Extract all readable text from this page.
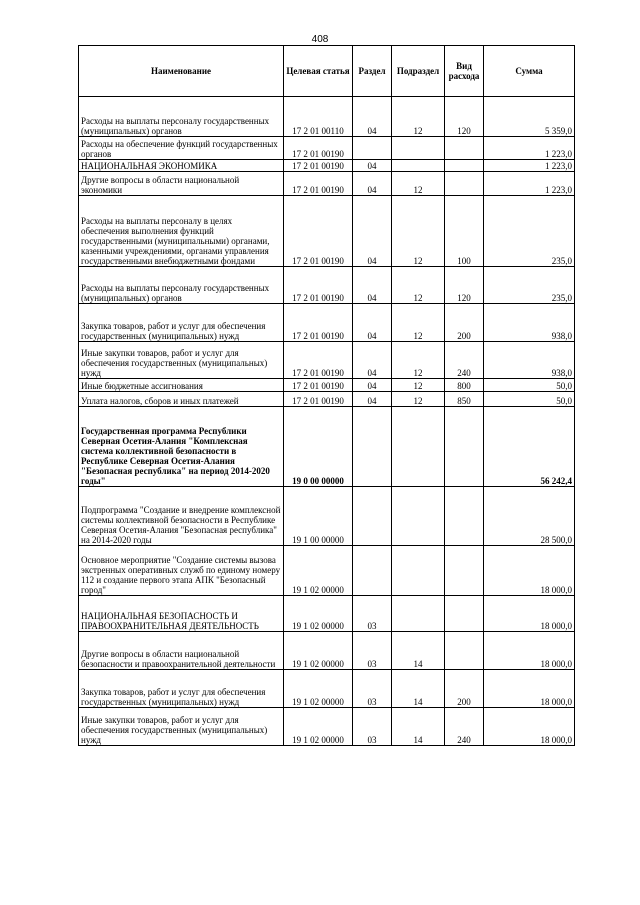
408
Наименование	Целевая статья	Раздел	Подраздел	Вид расхода	Сумма
Расходы на выплаты персоналу государственных (муниципальных) органов	17 2 01 00110	04	12	120	5 359,0
Расходы на обеспечение функций государственных органов	17 2 01 00190				1 223,0
НАЦИОНАЛЬНАЯ ЭКОНОМИКА	17 2 01 00190	04			1 223,0
Другие вопросы в области национальной экономики	17 2 01 00190	04	12		1 223,0
Расходы на выплаты персоналу в целях обеспечения выполнения функций государственными (муниципальными) органами, казенными учреждениями, органами управления государственными внебюджетными фондами	17 2 01 00190	04	12	100	235,0
Расходы на выплаты персоналу государственных (муниципальных) органов	17 2 01 00190	04	12	120	235,0
Закупка товаров, работ и услуг для обеспечения государственных (муниципальных) нужд	17 2 01 00190	04	12	200	938,0
Иные закупки товаров, работ и услуг для обеспечения государственных (муниципальных) нужд	17 2 01 00190	04	12	240	938,0
Иные бюджетные ассигнования	17 2 01 00190	04	12	800	50,0
Уплата налогов, сборов и иных платежей	17 2 01 00190	04	12	850	50,0
Государственная программа Республики Северная Осетия-Алания "Комплексная система коллективной безопасности в Республике Северная Осетия-Алания "Безопасная республика" на период 2014-2020 годы"	19 0 00 00000				56 242,4
Подпрограмма "Создание и внедрение комплексной системы коллективной безопасности в Республике Северная Осетия-Алания "Безопасная республика" на 2014-2020 годы	19 1 00 00000				28 500,0
Основное мероприятие "Создание системы вызова экстренных оперативных служб по единому номеру 112 и создание первого этапа АПК "Безопасный город"	19 1 02 00000				18 000,0
НАЦИОНАЛЬНАЯ БЕЗОПАСНОСТЬ И ПРАВООХРАНИТЕЛЬНАЯ ДЕЯТЕЛЬНОСТЬ	19 1 02 00000	03			18 000,0
Другие вопросы в области национальной безопасности и правоохранительной деятельности	19 1 02 00000	03	14		18 000,0
Закупка товаров, работ и услуг для обеспечения государственных (муниципальных) нужд	19 1 02 00000	03	14	200	18 000,0
Иные закупки товаров, работ и услуг для обеспечения государственных (муниципальных) нужд	19 1 02 00000	03	14	240	18 000,0
